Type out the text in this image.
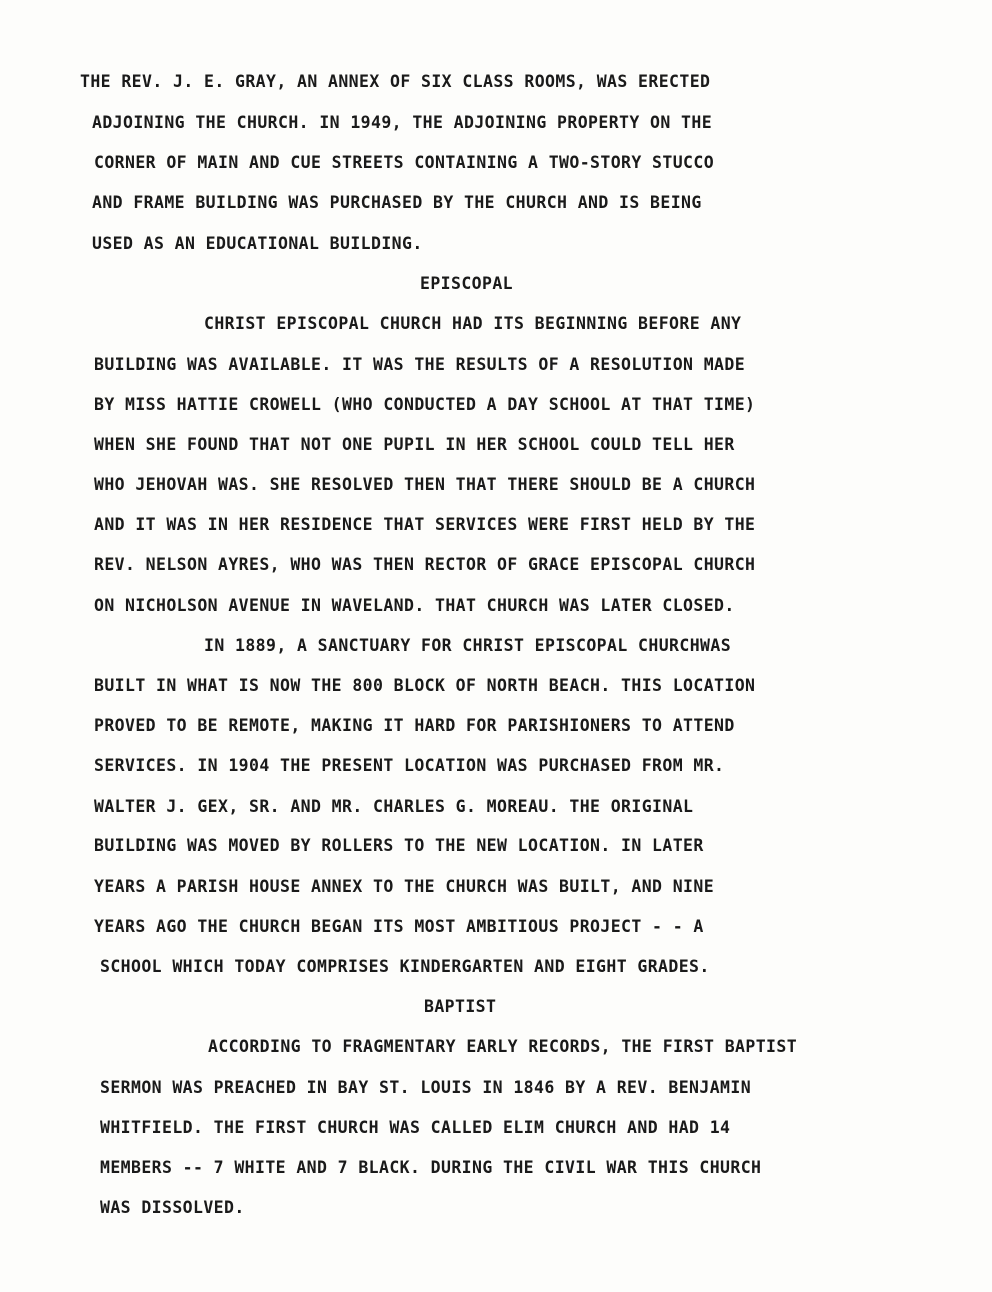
THE REV. J. E. GRAY, AN ANNEX OF SIX CLASS ROOMS, WAS ERECTED
ADJOINING THE CHURCH. IN 1949, THE ADJOINING PROPERTY ON THE
CORNER OF MAIN AND CUE STREETS CONTAINING A TWO-STORY STUCCO
AND FRAME BUILDING WAS PURCHASED BY THE CHURCH AND IS BEING
USED AS AN EDUCATIONAL BUILDING.
EPISCOPAL
CHRIST EPISCOPAL CHURCH HAD ITS BEGINNING BEFORE ANY
BUILDING WAS AVAILABLE. IT WAS THE RESULTS OF A RESOLUTION MADE
BY MISS HATTIE CROWELL (WHO CONDUCTED A DAY SCHOOL AT THAT TIME)
WHEN SHE FOUND THAT NOT ONE PUPIL IN HER SCHOOL COULD TELL HER
WHO JEHOVAH WAS. SHE RESOLVED THEN THAT THERE SHOULD BE A CHURCH
AND IT WAS IN HER RESIDENCE THAT SERVICES WERE FIRST HELD BY THE
REV. NELSON AYRES, WHO WAS THEN RECTOR OF GRACE EPISCOPAL CHURCH
ON NICHOLSON AVENUE IN WAVELAND. THAT CHURCH WAS LATER CLOSED.
IN 1889, A SANCTUARY FOR CHRIST EPISCOPAL CHURCHWAS
BUILT IN WHAT IS NOW THE 800 BLOCK OF NORTH BEACH. THIS LOCATION
PROVED TO BE REMOTE, MAKING IT HARD FOR PARISHIONERS TO ATTEND
SERVICES. IN 1904 THE PRESENT LOCATION WAS PURCHASED FROM MR.
WALTER J. GEX, SR. AND MR. CHARLES G. MOREAU. THE ORIGINAL
BUILDING WAS MOVED BY ROLLERS TO THE NEW LOCATION. IN LATER
YEARS A PARISH HOUSE ANNEX TO THE CHURCH WAS BUILT, AND NINE
YEARS AGO THE CHURCH BEGAN ITS MOST AMBITIOUS PROJECT - - A
SCHOOL WHICH TODAY COMPRISES KINDERGARTEN AND EIGHT GRADES.
BAPTIST
ACCORDING TO FRAGMENTARY EARLY RECORDS, THE FIRST BAPTIST
SERMON WAS PREACHED IN BAY ST. LOUIS IN 1846 BY A REV. BENJAMIN
WHITFIELD. THE FIRST CHURCH WAS CALLED ELIM CHURCH AND HAD 14
MEMBERS -- 7 WHITE AND 7 BLACK. DURING THE CIVIL WAR THIS CHURCH
WAS DISSOLVED.
